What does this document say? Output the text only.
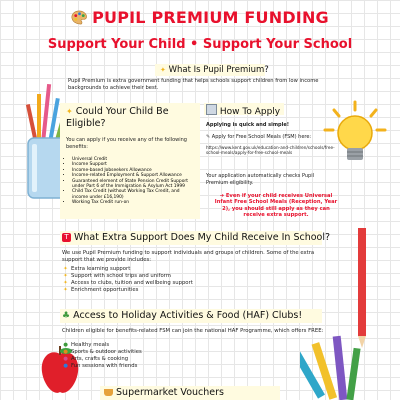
PUPIL PREMIUM FUNDING
Support Your Child • Support Your School
✦ What Is Pupil Premium?
Pupil Premium is extra government funding that helps schools support children from low income backgrounds to achieve their best.
✦ Could Your Child Be Eligible?
You can apply if you receive any of the following benefits:
• Universal Credit
• Income Support
• Income-based Jobseekers Allowance
• Income-related Employment & Support Allowance
• Guaranteed element of State Pension Credit Support under Part 6 of the Immigration & Asylum Act 1999
• Child Tax Credit (without Working Tax Credit, and income under £16,190)
• Working Tax Credit run-on
How To Apply
Applying is quick and simple!
✎ Apply for Free School Meals (FSM) here:
https://www.kent.gov.uk/education-and-children/schools/free-school-meals/apply-for-free-school-meals
Your application automatically checks Pupil Premium eligibility.
➜ Even if your child receives Universal Infant Free School Meals (Reception, Year 2), you should still apply as they can receive extra support.
T What Extra Support Does My Child Receive In School?
We use Pupil Premium funding to support individuals and groups of children. Some of the extra support that we provide includes:
✦ Extra learning support
✦ Support with school trips and uniform
✦ Access to clubs, tuition and wellbeing support
✦ Enrichment opportunities
♣ Access to Holiday Activities & Food (HAF) Clubs!
Children eligible for benefits-related FSM can join the national HAF Programme, which offers FREE:
● Healthy meals
● Sports & outdoor activities
● Arts, crafts & cooking
● Fun sessions with friends
Supermarket Vouchers
